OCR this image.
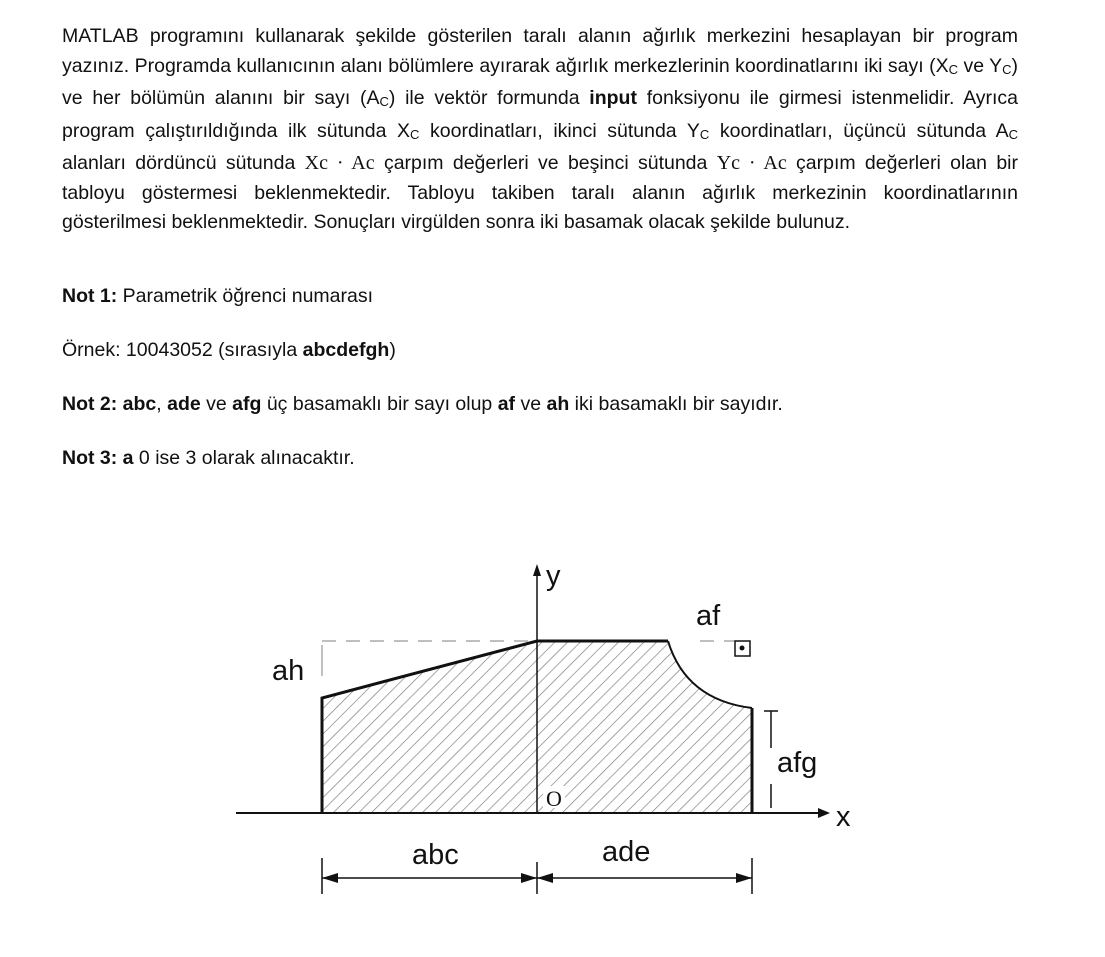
MATLAB programını kullanarak şekilde gösterilen taralı alanın ağırlık merkezini hesaplayan bir program yazınız. Programda kullanıcının alanı bölümlere ayırarak ağırlık merkezlerinin koordinatlarını iki sayı ($X_C$ ve $Y_C$) ve her bölümün alanını bir sayı $(A_C)$ ile vektör formunda input fonksiyonu ile girmesi istenmelidir. Ayrıca program çalıştırıldığında ilk sütunda $X_C$ koordinatları, ikinci sütunda $Y_C$ koordinatları, üçüncü sütunda $A_C$ alanları dördüncü sütunda Xc · Ac çarpım değerleri ve beşinci sütunda Yc · Ac çarpım değerleri olan bir tabloyu göstermesi beklenmektedir. Tabloyu takiben taralı alanın ağırlık merkezinin koordinatlarının gösterilmesi beklenmektedir. Sonuçları virgülden sonra iki basamak olacak şekilde bulunuz.

Not 1: Parametrik öğrenci numarası

Örnek: 10043052 (sırasıyla abcdefgh)

Not 2: abc, ade ve afg üç basamaklı bir sayı olup af ve ah iki basamaklı bir sayıdır.

Not 3: a 0 ise 3 olarak alınacaktır.

y
x
O
ah
af
afg
abc	ade
